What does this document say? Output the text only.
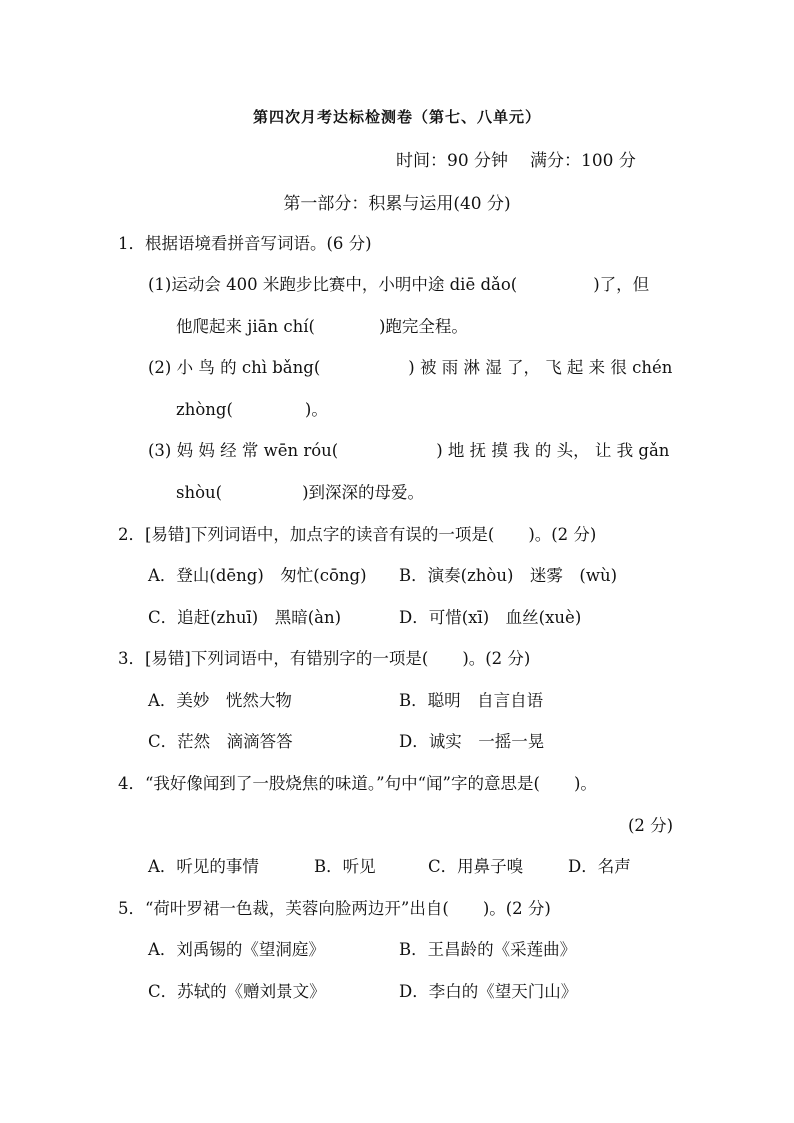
第四次月考达标检测卷（第七、八单元）
时间：90 分钟 满分：100 分
第一部分：积累与运用(40 分)
1．根据语境看拼音写词语。(6 分)
(1)运动会 400 米跑步比赛中，小明中途 diē dǎo(	)了，但
他爬起来 jiān chí(	)跑完全程。
(2) 小 鸟 的 chì bǎng(	) 被 雨 淋 湿 了， 飞 起 来 很 chén
zhòng(	)。
(3) 妈 妈 经 常 wēn róu(	) 地 抚 摸 我 的 头， 让 我 gǎn
shòu(	)到深深的母爱。
2．[易错]下列词语中，加点字的读音有误的一项是( )。(2 分)
A．登山(dēng)　匆忙(cōng) B．演奏(zhòu)　迷雾　(wù)
C．追赶(zhuī)　黑暗(àn)	D．可惜(xī)　血丝(xuè)
3．[易错]下列词语中，有错别字的一项是( )。(2 分)
A．美妙　恍然大物	B．聪明　自言自语
C．茫然　滴滴答答	D．诚实　一摇一晃
4．“我好像闻到了一股烧焦的味道。”句中“闻”字的意思是( )。
(2 分)
A．听见的事情	B．听见	C．用鼻子嗅	D．名声
5．“荷叶罗裙一色裁，芙蓉向脸两边开”出自( )。(2 分)
A．刘禹锡的《望洞庭》	B．王昌龄的《采莲曲》
C．苏轼的《赠刘景文》	D．李白的《望天门山》
